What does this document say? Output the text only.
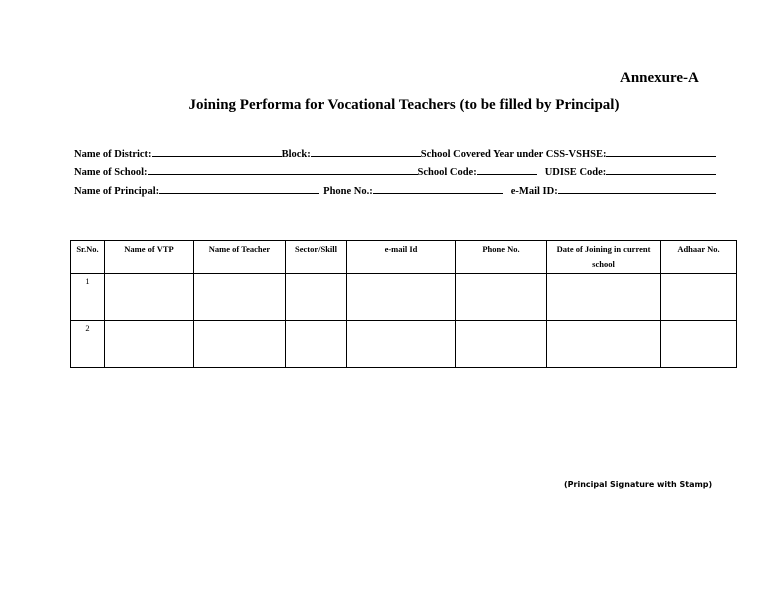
Annexure-A
Joining Performa for Vocational Teachers (to be filled by Principal)
Name of District:	Block:	School Covered Year under CSS-VSHSE:
Name of School:	School Code:	UDISE Code:
Name of Principal:	Phone No.:	e-Mail ID:
Sr.No.	Name of VTP	Name of Teacher	Sector/Skill	e-mail Id	Phone No.	Date of Joining in current school	Adhaar No.
1							
2							
(Principal Signature with Stamp)
